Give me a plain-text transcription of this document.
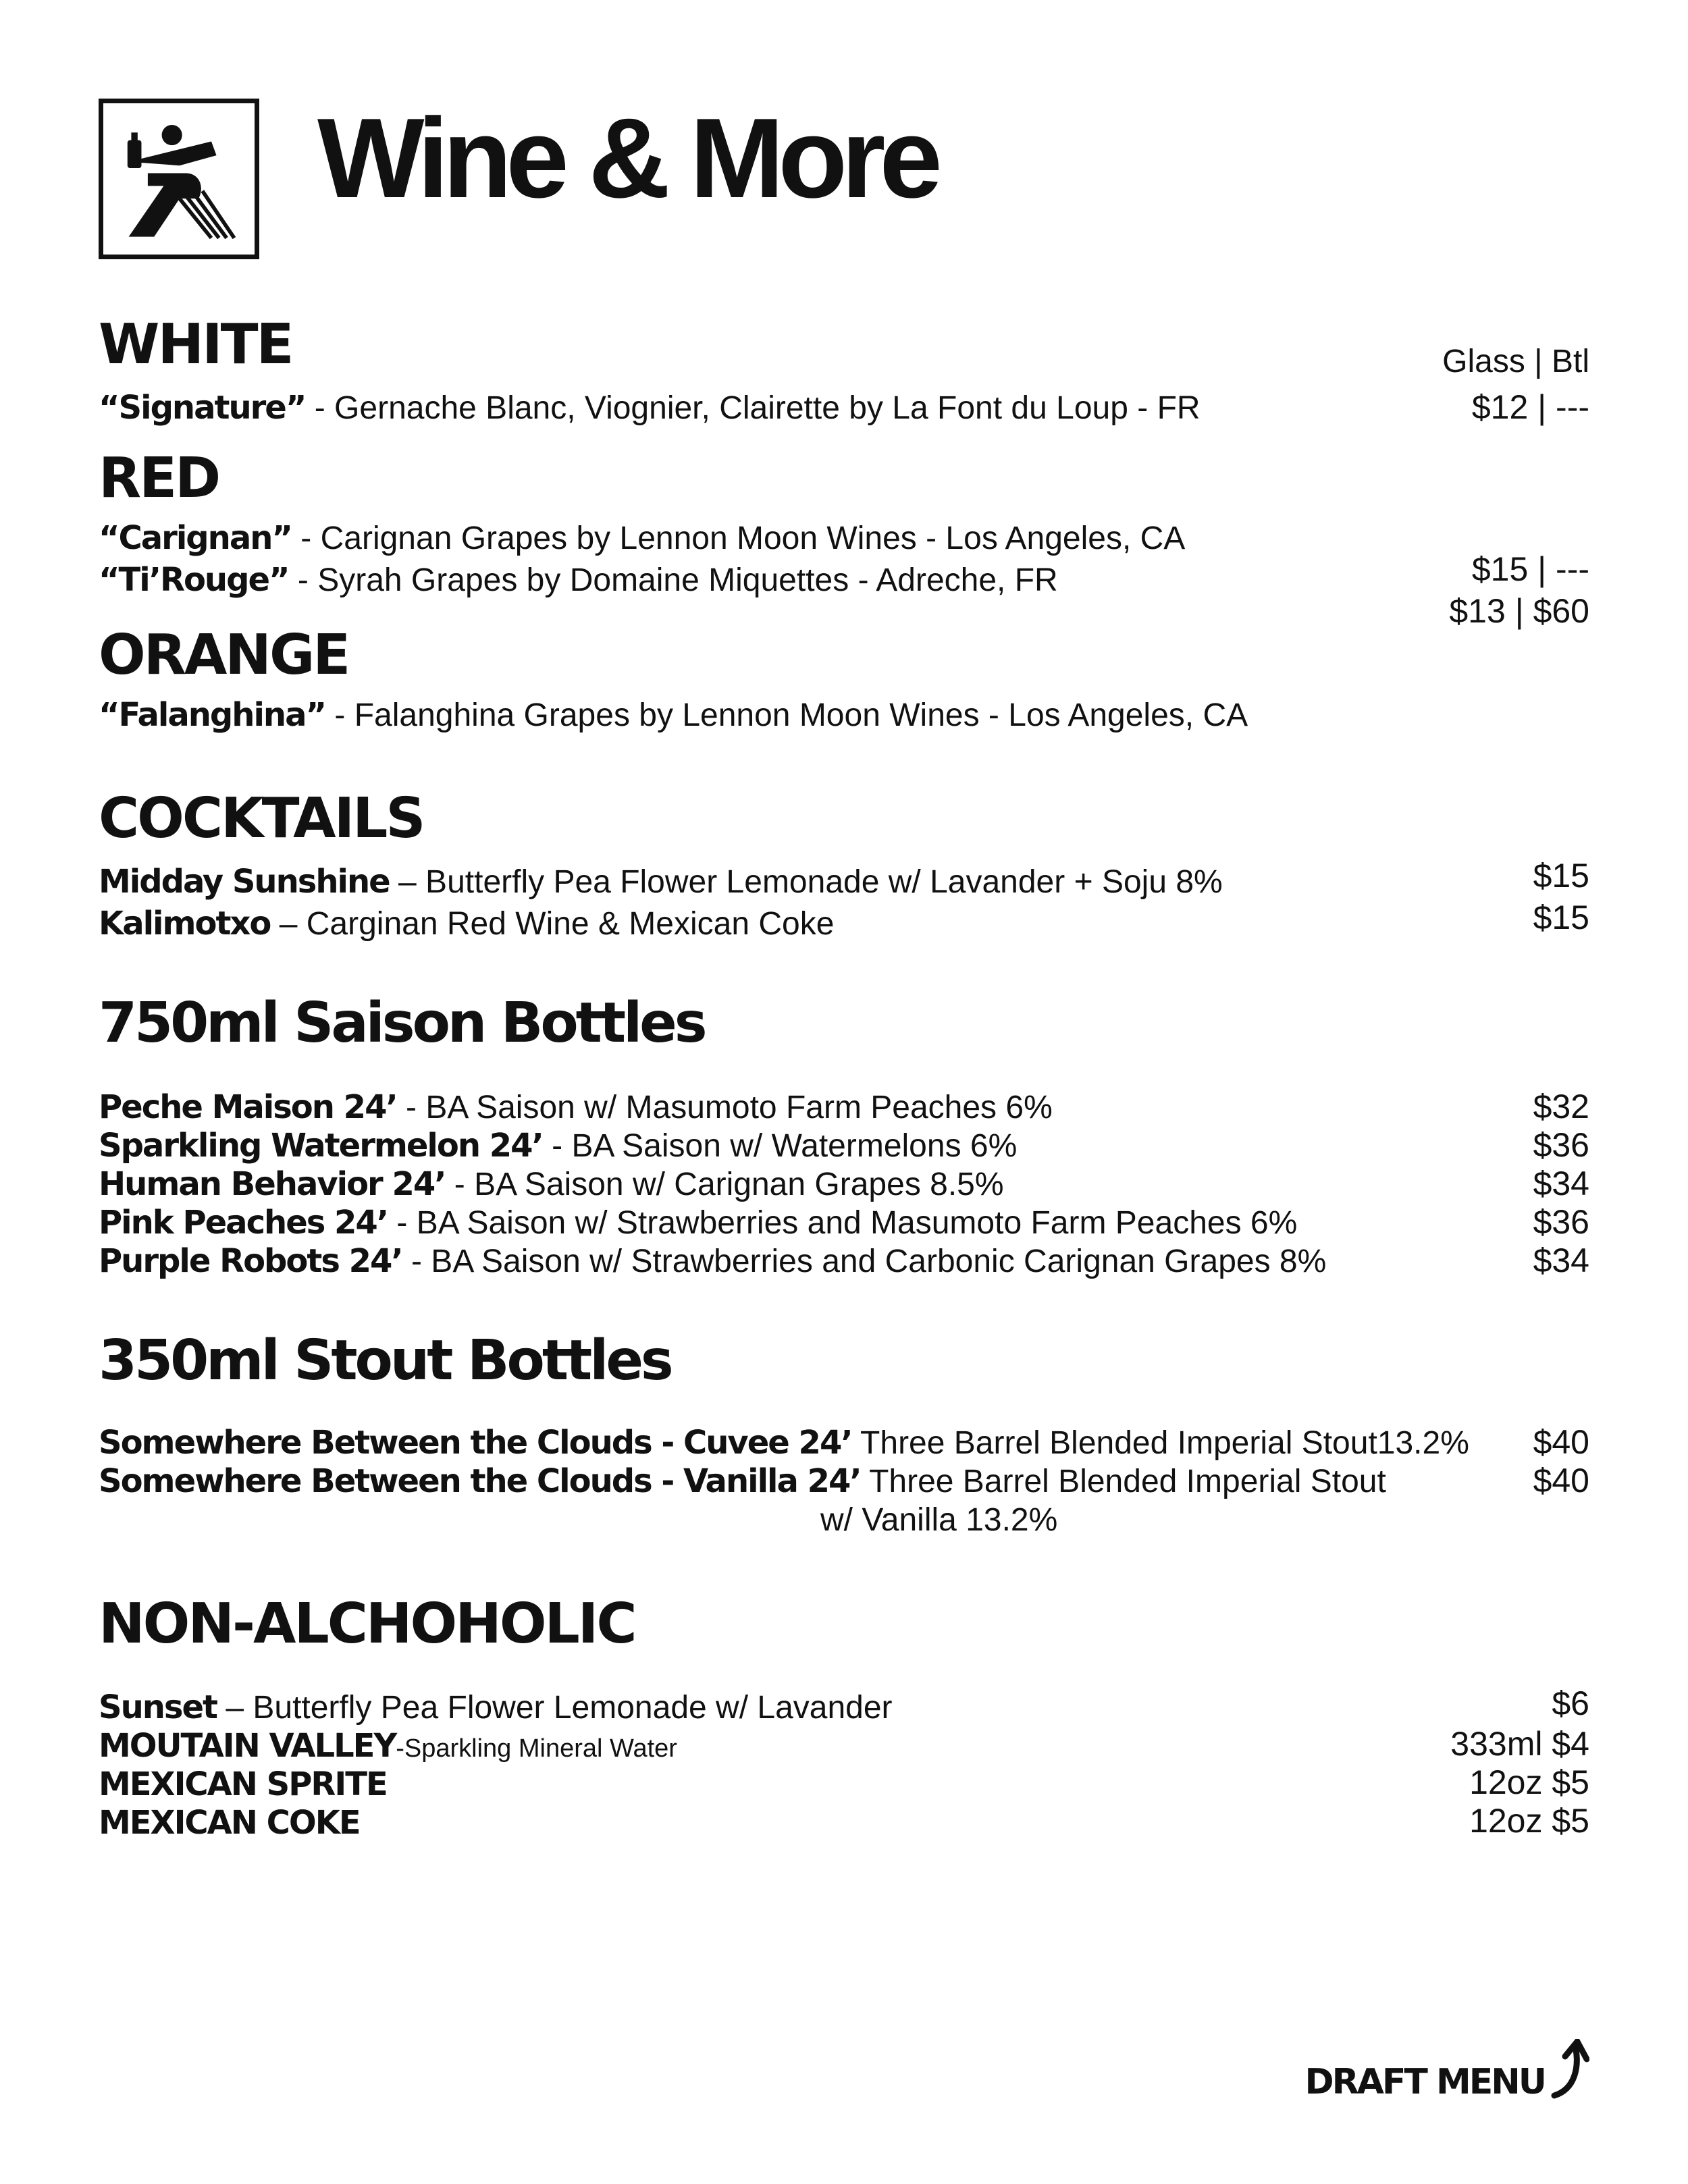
Wine & More
Glass | Btl
WHITE
“Signature” - Gernache Blanc, Viognier, Clairette by La Font du Loup - FR	$12 | ---
RED
“Carignan” - Carignan Grapes by Lennon Moon Wines - Los Angeles, CA
“Ti’Rouge” - Syrah Grapes by Domaine Miquettes - Adreche, FR	$15 | ---
$13 | $60
ORANGE
“Falanghina” - Falanghina Grapes by Lennon Moon Wines - Los Angeles, CA
COCKTAILS
Midday Sunshine – Butterfly Pea Flower Lemonade w/ Lavander + Soju 8%
Kalimotxo – Carginan Red Wine & Mexican Coke
$15
$15
750ml Saison Bottles
Peche Maison 24’ - BA Saison w/ Masumoto Farm Peaches 6%
Sparkling Watermelon 24’ - BA Saison w/ Watermelons 6%
Human Behavior 24’ - BA Saison w/ Carignan Grapes 8.5%
Pink Peaches 24’ - BA Saison w/ Strawberries and Masumoto Farm Peaches 6%
Purple Robots 24’ - BA Saison w/ Strawberries and Carbonic Carignan Grapes 8%
$32
$36
$34
$36
$34
350ml Stout Bottles
Somewhere Between the Clouds - Cuvee 24’ Three Barrel Blended Imperial Stout13.2%
Somewhere Between the Clouds - Vanilla 24’ Three Barrel Blended Imperial Stout
w/ Vanilla 13.2%
$40
$40
NON-ALCHOHOLIC
Sunset – Butterfly Pea Flower Lemonade w/ Lavander
MOUTAIN VALLEY-Sparkling Mineral Water
MEXICAN SPRITE
MEXICAN COKE
$6
333ml $4
12oz $5
12oz $5
DRAFT MENU
